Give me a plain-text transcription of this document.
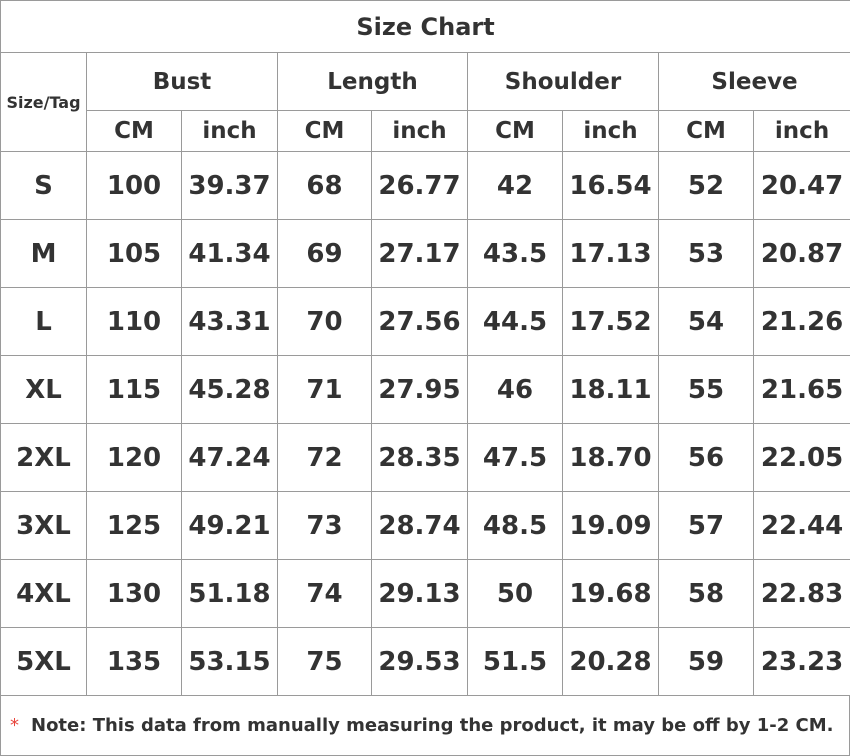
Size Chart								
Size/Tag	Bust		Length		Shoulder		Sleeve	
	CM	inch	CM	inch	CM	inch	CM	inch
S	100	39.37	68	26.77	42	16.54	52	20.47
M	105	41.34	69	27.17	43.5	17.13	53	20.87
L	110	43.31	70	27.56	44.5	17.52	54	21.26
XL	115	45.28	71	27.95	46	18.11	55	21.65
2XL	120	47.24	72	28.35	47.5	18.70	56	22.05
3XL	125	49.21	73	28.74	48.5	19.09	57	22.44
4XL	130	51.18	74	29.13	50	19.68	58	22.83
5XL	135	53.15	75	29.53	51.5	20.28	59	23.23
* Note: This data from manually measuring the product, it may be off by 1-2 CM.
